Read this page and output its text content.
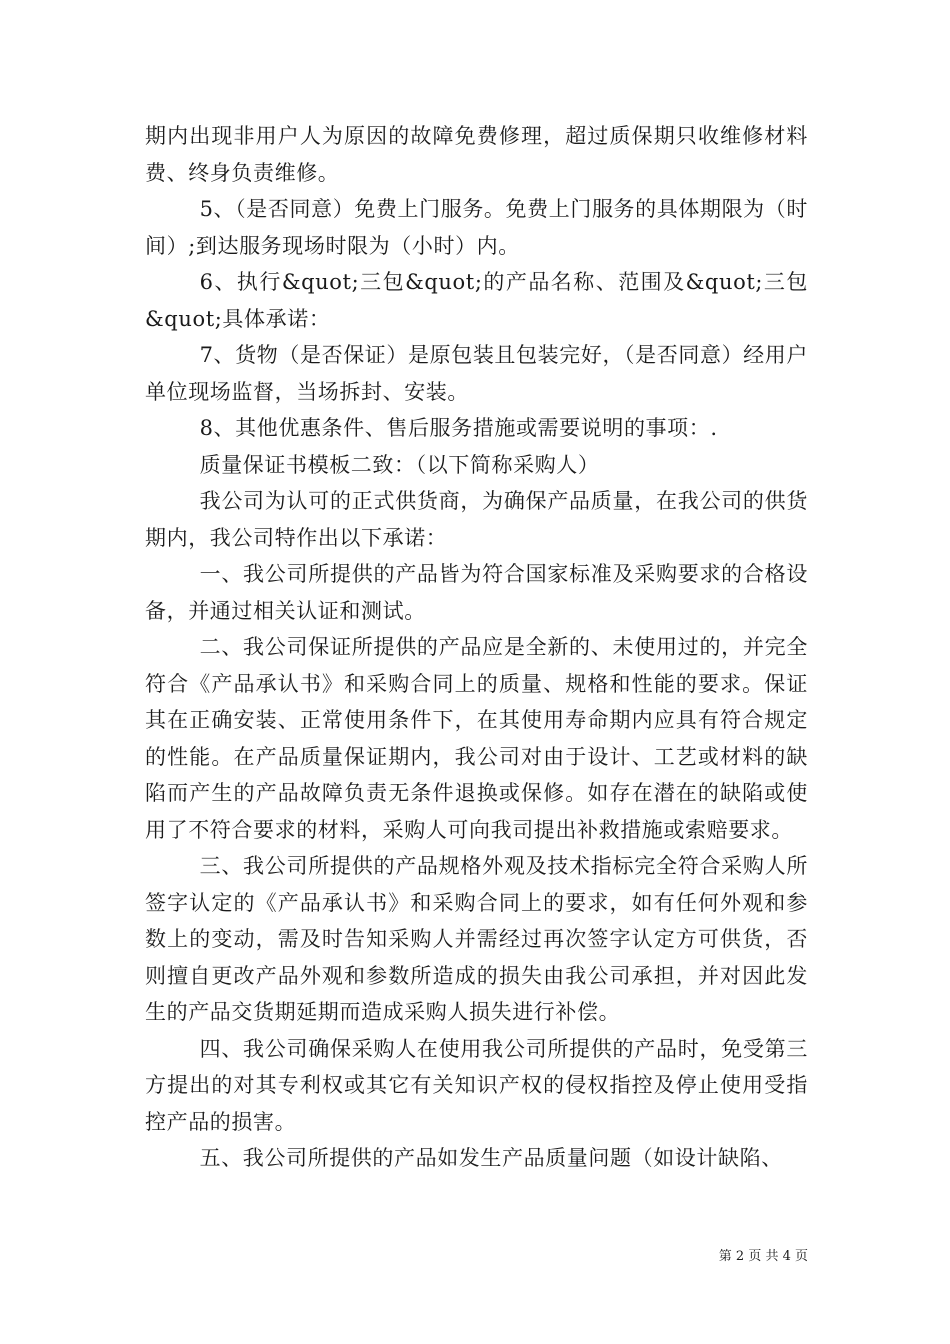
期内出现非用户人为原因的故障免费修理，超过质保期只收维修材料费、终身负责维修。

5、（是否同意）免费上门服务。免费上门服务的具体期限为（时间）;到达服务现场时限为（小时）内。

6、执行&quot;三包&quot;的产品名称、范围及&quot;三包&quot;具体承诺：

7、货物（是否保证）是原包装且包装完好，（是否同意）经用户单位现场监督，当场拆封、安装。

8、其他优惠条件、售后服务措施或需要说明的事项：.

质量保证书模板二致：（以下简称采购人）

我公司为认可的正式供货商，为确保产品质量，在我公司的供货期内，我公司特作出以下承诺：

一、我公司所提供的产品皆为符合国家标准及采购要求的合格设备，并通过相关认证和测试。

二、我公司保证所提供的产品应是全新的、未使用过的，并完全符合《产品承认书》和采购合同上的质量、规格和性能的要求。保证其在正确安装、正常使用条件下，在其使用寿命期内应具有符合规定的性能。在产品质量保证期内，我公司对由于设计、工艺或材料的缺陷而产生的产品故障负责无条件退换或保修。如存在潜在的缺陷或使用了不符合要求的材料，采购人可向我司提出补救措施或索赔要求。

三、我公司所提供的产品规格外观及技术指标完全符合采购人所签字认定的《产品承认书》和采购合同上的要求，如有任何外观和参数上的变动，需及时告知采购人并需经过再次签字认定方可供货，否则擅自更改产品外观和参数所造成的损失由我公司承担，并对因此发生的产品交货期延期而造成采购人损失进行补偿。

四、我公司确保采购人在使用我公司所提供的产品时，免受第三方提出的对其专利权或其它有关知识产权的侵权指控及停止使用受指控产品的损害。

五、我公司所提供的产品如发生产品质量问题（如设计缺陷、

第 2 页 共 4 页
